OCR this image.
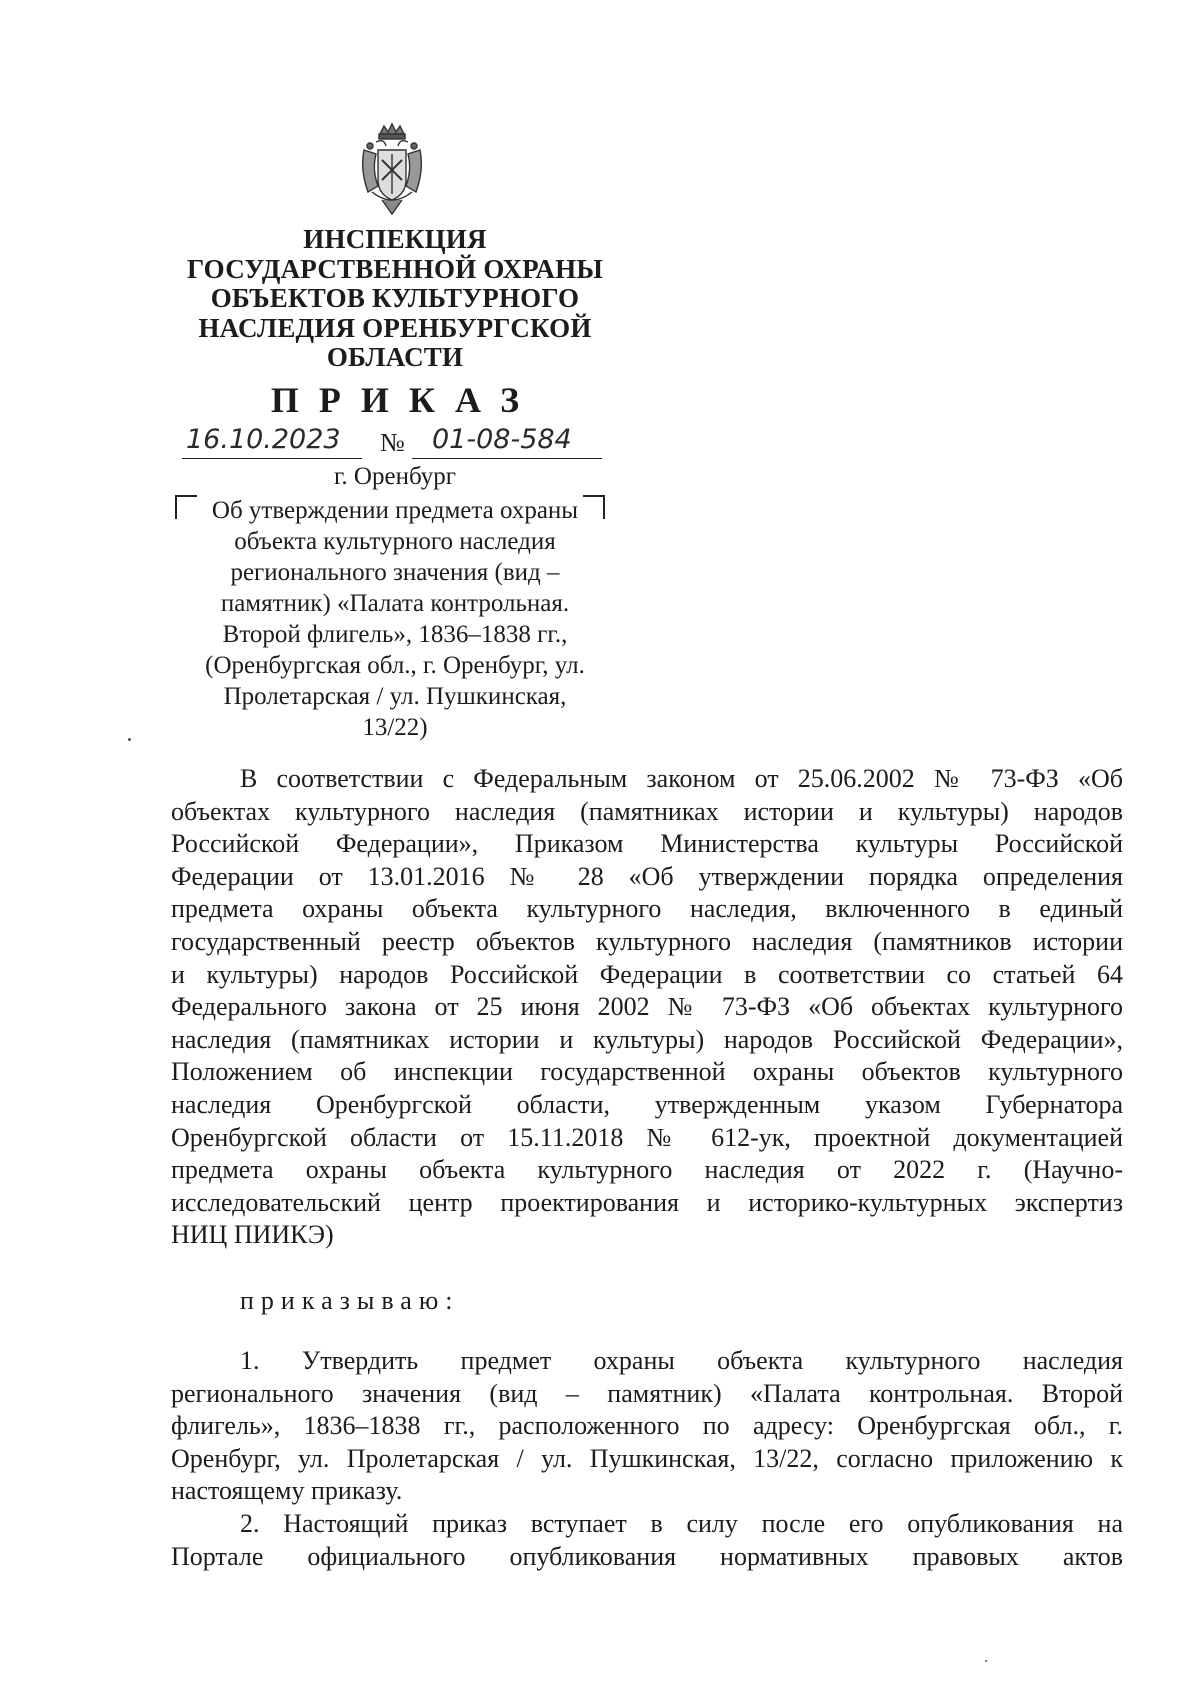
ИНСПЕКЦИЯ
ГОСУДАРСТВЕННОЙ ОХРАНЫ
ОБЪЕКТОВ КУЛЬТУРНОГО
НАСЛЕДИЯ ОРЕНБУРГСКОЙ
ОБЛАСТИ
ПРИКАЗ
16.10.2023 № 01-08-584
г. Оренбург
Об утверждении предмета охраны
объекта культурного наследия
регионального значения (вид –
памятник) «Палата контрольная.
Второй флигель», 1836–1838 гг.,
(Оренбургская обл., г. Оренбург, ул.
Пролетарская / ул. Пушкинская,
13/22)
В соответствии с Федеральным законом от 25.06.2002 № 73-ФЗ «Об
объектах культурного наследия (памятниках истории и культуры) народов
Российской Федерации», Приказом Министерства культуры Российской
Федерации от 13.01.2016 № 28 «Об утверждении порядка определения
предмета охраны объекта культурного наследия, включенного в единый
государственный реестр объектов культурного наследия (памятников истории
и культуры) народов Российской Федерации в соответствии со статьей 64
Федерального закона от 25 июня 2002 № 73-ФЗ «Об объектах культурного
наследия (памятниках истории и культуры) народов Российской Федерации»,
Положением об инспекции государственной охраны объектов культурного
наследия Оренбургской области, утвержденным указом Губернатора
Оренбургской области от 15.11.2018 № 612-ук, проектной документацией
предмета охраны объекта культурного наследия от 2022 г. (Научно-
исследовательский центр проектирования и историко-культурных экспертиз
НИЦ ПИИКЭ)
приказываю:
1. Утвердить предмет охраны объекта культурного наследия
регионального значения (вид – памятник) «Палата контрольная. Второй
флигель», 1836–1838 гг., расположенного по адресу: Оренбургская обл., г.
Оренбург, ул. Пролетарская / ул. Пушкинская, 13/22, согласно приложению к
настоящему приказу.
2. Настоящий приказ вступает в силу после его опубликования на
Портале официального опубликования нормативных правовых актов
